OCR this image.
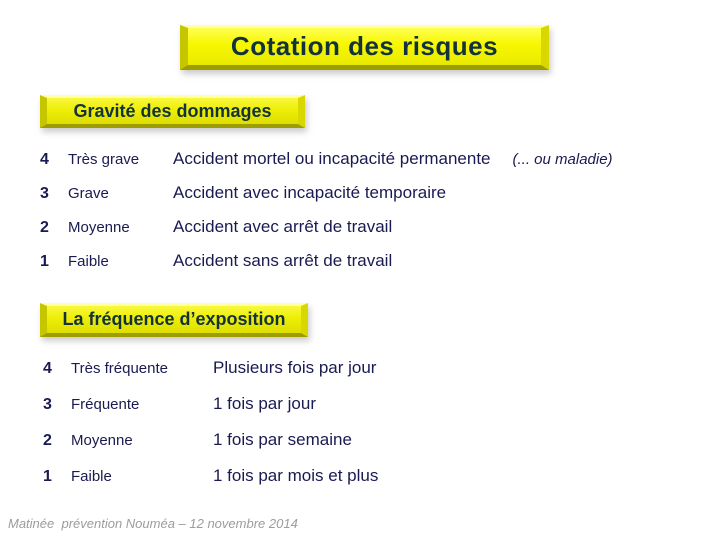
Cotation des risques
Gravité des dommages
4	Très grave	Accident mortel ou incapacité permanente (... ou maladie)
3	Grave	Accident avec incapacité temporaire
2	Moyenne	Accident avec arrêt de travail
1	Faible	Accident sans arrêt de travail
La fréquence d’exposition
4	Très fréquente	Plusieurs fois par jour
3	Fréquente	1 fois par jour
2	Moyenne	1 fois par semaine
1	Faible	1 fois par mois et plus
Matinée  prévention Nouméa – 12 novembre 2014
